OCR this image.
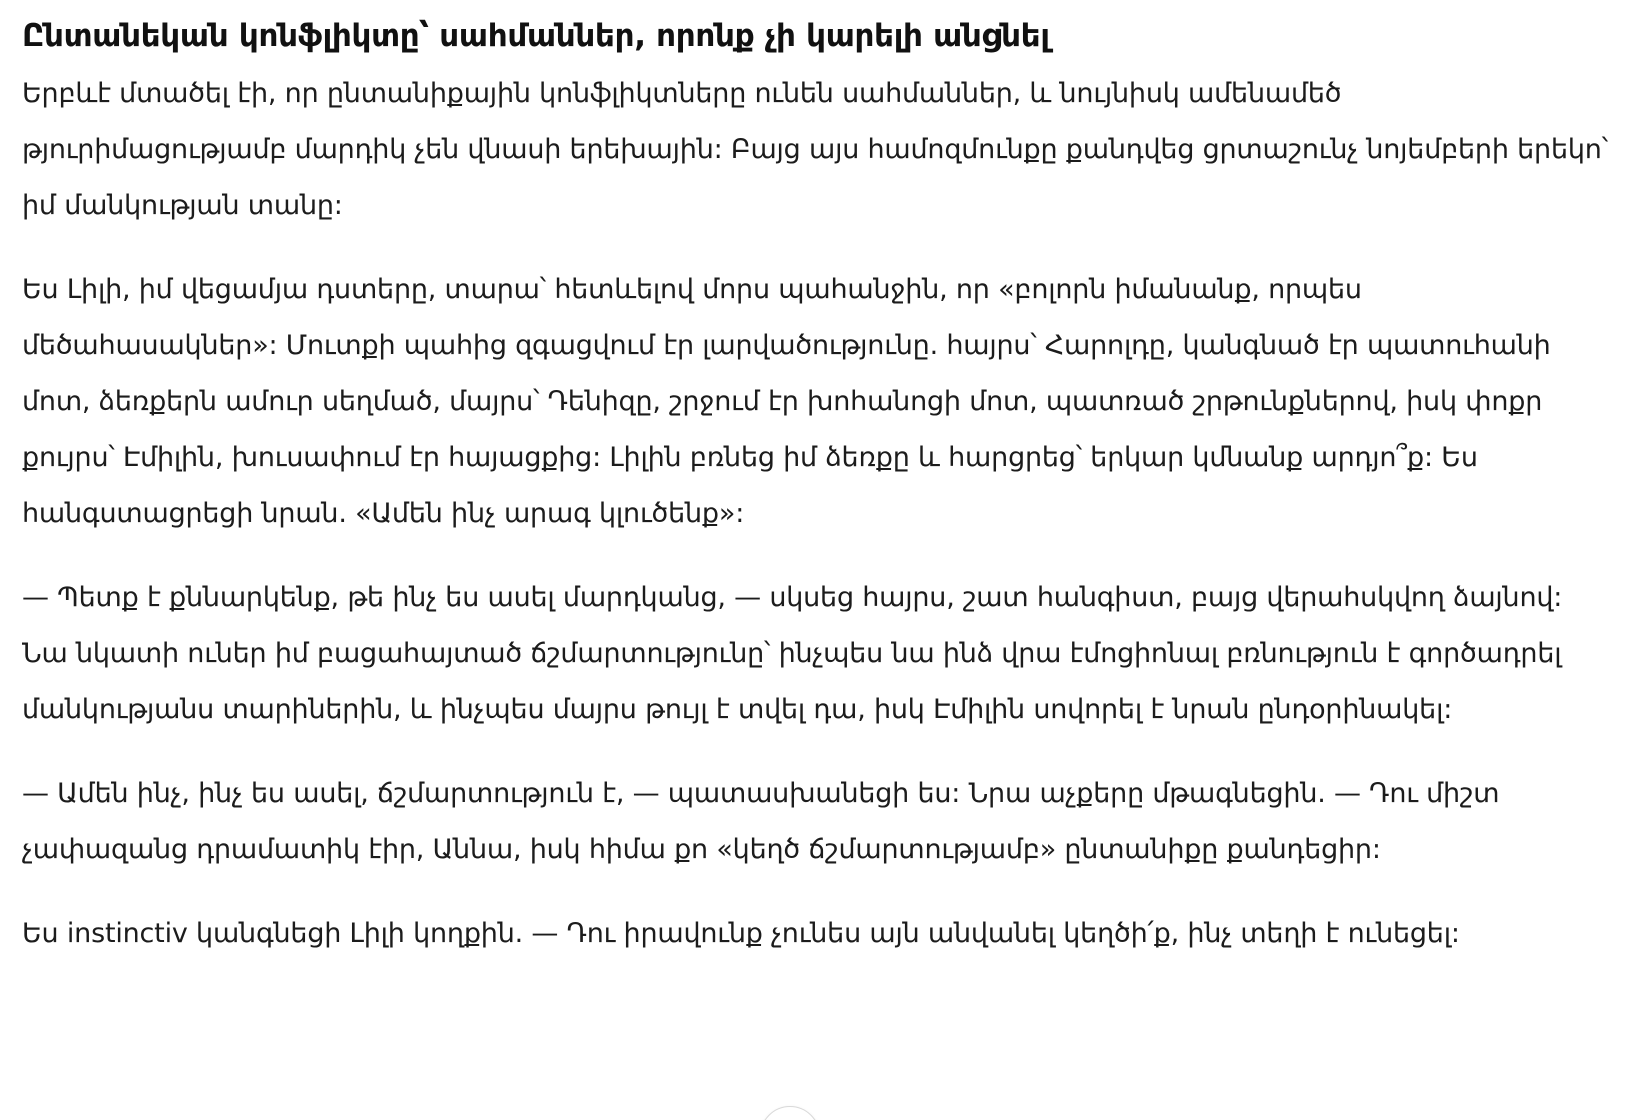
Ընտանեկան կոնֆլիկտը՝ սահմաններ, որոնք չի կարելի անցնել

Երբևէ մտածել էի, որ ընտանիքային կոնֆլիկտները ունեն սահմաններ, և նույնիսկ ամենամեծ թյուրիմացությամբ մարդիկ չեն վնասի երեխային: Բայց այս համոզմունքը քանդվեց ցրտաշունչ նոյեմբերի երեկո՝ իմ մանկության տանը:

Ես Լիլի, իմ վեցամյա դստերը, տարա՝ հետևելով մորս պահանջին, որ «բոլորն իմանանք, որպես մեծահասակներ»: Մուտքի պահից զգացվում էր լարվածությունը. հայրս՝ Հարոլդը, կանգնած էր պատուհանի մոտ, ձեռքերն ամուր սեղմած, մայրս՝ Դենիզը, շրջում էր խոհանոցի մոտ, պատռած շրթունքներով, իսկ փոքր քույրս՝ Էմիլին, խուսափում էր հայացքից: Լիլին բռնեց իմ ձեռքը և հարցրեց՝ երկար կմնանք արդյո՞ք: Ես հանգստացրեցի նրան. «Ամեն ինչ արագ կլուծենք»:

— Պետք է քննարկենք, թե ինչ ես ասել մարդկանց, — սկսեց հայրս, շատ հանգիստ, բայց վերահսկվող ձայնով: Նա նկատի ուներ իմ բացահայտած ճշմարտությունը՝ ինչպես նա ինձ վրա էմոցիոնալ բռնություն է գործադրել մանկությանս տարիներին, և ինչպես մայրս թույլ է տվել դա, իսկ Էմիլին սովորել է նրան ընդօրինակել:

— Ամեն ինչ, ինչ ես ասել, ճշմարտություն է, — պատասխանեցի ես: Նրա աչքերը մթագնեցին. — Դու միշտ չափազանց դրամատիկ էիր, Աննա, իսկ հիմա քո «կեղծ ճշմարտությամբ» ընտանիքը քանդեցիր:

Ես instinctiv կանգնեցի Լիլի կողքին. — Դու իրավունք չունես այն անվանել կեղծի՛ք, ինչ տեղի է ունեցել:
